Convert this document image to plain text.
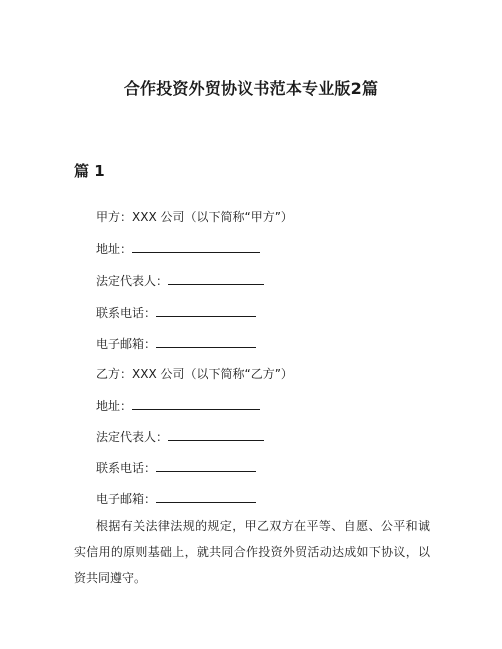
合作投资外贸协议书范本专业版2篇
篇 1
甲方：XXX 公司（以下简称“甲方”）
地址：
法定代表人：
联系电话：
电子邮箱：
乙方：XXX 公司（以下简称“乙方”）
地址：
法定代表人：
联系电话：
电子邮箱：
根据有关法律法规的规定，甲乙双方在平等、自愿、公平和诚实信用的原则基础上，就共同合作投资外贸活动达成如下协议，以资共同遵守。
